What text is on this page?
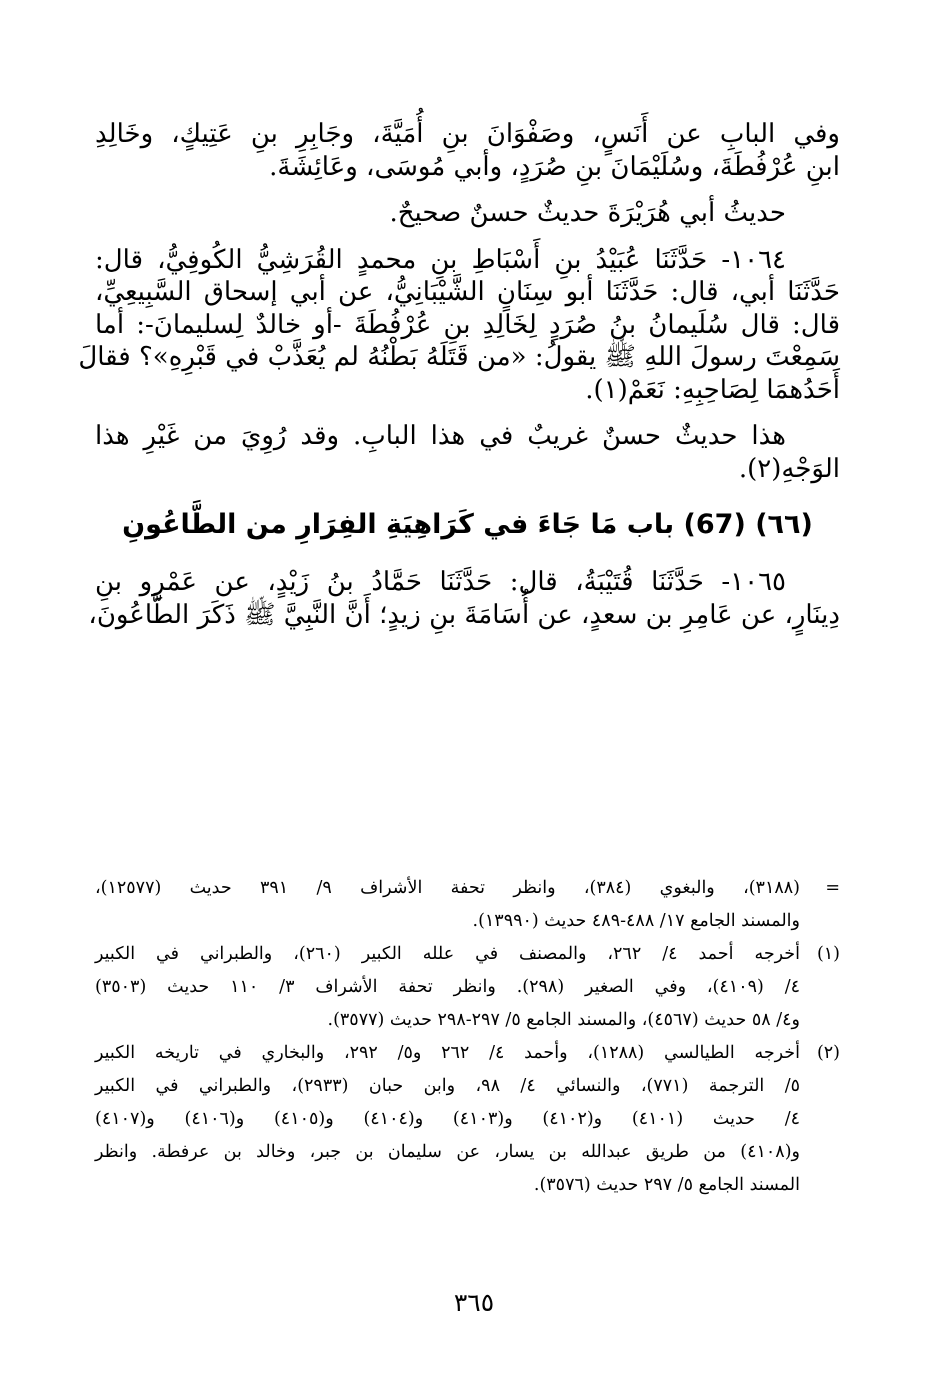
وفي البابِ عن أَنَسٍ، وصَفْوَانَ بنِ أُمَيَّةَ، وجَابِرِ بنِ عَتِيكٍ، وخَالِدِ
ابنِ عُرْفُطَةَ، وسُلَيْمَانَ بنِ صُرَدٍ، وأبي مُوسَى، وعَائِشَةَ.
حديثُ أبي هُرَيْرَةَ حديثٌ حسنٌ صحيحٌ.
١٠٦٤- حَدَّثَنَا عُبَيْدُ بنِ أَسْبَاطِ بنِ محمدٍ القُرَشِيُّ الكُوفِيُّ، قال:
حَدَّثَنَا أبي، قال: حَدَّثَنَا أبو سِنَانٍ الشَّيْبَانِيُّ، عن أبي إسحاق السَّبِيعِيِّ،
قال: قال سُلَيمانُ بنُ صُرَدٍ لِخَالِدِ بنِ عُرْفُطَةَ -أو خالدٌ لِسليمانَ-: أما
سَمِعْتَ رسولَ اللهِ ﷺ يقولُ: «من قَتَلَهُ بَطْنُهُ لم يُعَذَّبْ في قَبْرِهِ»؟ فقالَ
أَحَدُهمَا لِصَاحِبِهِ: نَعَمْ(١).
هذا حديثٌ حسنٌ غريبٌ في هذا البابِ. وقد رُوِيَ من غَيْرِ هذا
الوَجْهِ(٢).
(٦٦) (67) باب مَا جَاءَ في كَرَاهِيَةِ الفِرَارِ من الطَّاعُونِ
١٠٦٥- حَدَّثَنَا قُتَيْبَةُ، قال: حَدَّثَنَا حَمَّادُ بنُ زَيْدٍ، عن عَمْرِو بنِ
دِينَارٍ، عن عَامِرِ بن سعدٍ، عن أُسَامَةَ بنِ زيدٍ؛ أَنَّ النَّبِيَّ ﷺ ذَكَرَ الطَّاعُونَ،
=
(٣١٨٨)، والبغوي (٣٨٤)، وانظر تحفة الأشراف ٩/ ٣٩١ حديث (١٢٥٧٧)،
والمسند الجامع ١٧/ ٤٨٨-٤٨٩ حديث (١٣٩٩٠).
(١)
أخرجه أحمد ٤/ ٢٦٢، والمصنف في علله الكبير (٢٦٠)، والطبراني في الكبير
٤/ (٤١٠٩)، وفي الصغير (٢٩٨). وانظر تحفة الأشراف ٣/ ١١٠ حديث (٣٥٠٣)
و٤/ ٥٨ حديث (٤٥٦٧)، والمسند الجامع ٥/ ٢٩٧-٢٩٨ حديث (٣٥٧٧).
(٢)
أخرجه الطيالسي (١٢٨٨)، وأحمد ٤/ ٢٦٢ و٥/ ٢٩٢، والبخاري في تاريخه الكبير
٥/ الترجمة (٧٧١)، والنسائي ٤/ ٩٨، وابن حبان (٢٩٣٣)، والطبراني في الكبير
٤/ حديث (٤١٠١) و(٤١٠٢) و(٤١٠٣) و(٤١٠٤) و(٤١٠٥) و(٤١٠٦) و(٤١٠٧)
و(٤١٠٨) من طريق عبدالله بن يسار، عن سليمان بن جبر، وخالد بن عرفطة. وانظر
المسند الجامع ٥/ ٢٩٧ حديث (٣٥٧٦).
٣٦٥
